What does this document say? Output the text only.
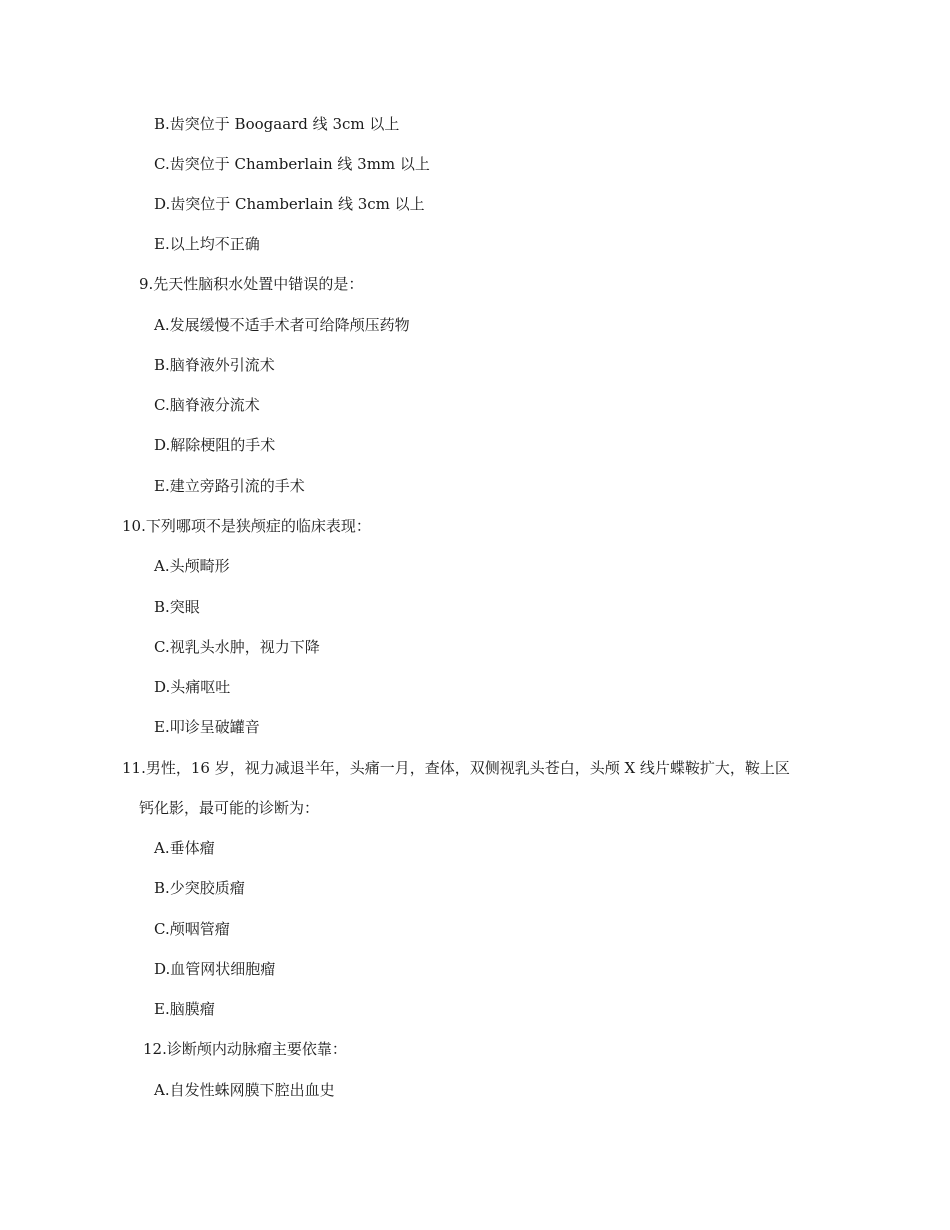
B.齿突位于 Boogaard 线 3cm 以上
C.齿突位于 Chamberlain 线 3mm 以上
D.齿突位于 Chamberlain 线 3cm 以上
E.以上均不正确
9.先天性脑积水处置中错误的是：
A.发展缓慢不适手术者可给降颅压药物
B.脑脊液外引流术
C.脑脊液分流术
D.解除梗阻的手术
E.建立旁路引流的手术
10.下列哪项不是狭颅症的临床表现：
A.头颅畸形
B.突眼
C.视乳头水肿，视力下降
D.头痛呕吐
E.叩诊呈破罐音
11.男性，16 岁，视力减退半年，头痛一月，查体，双侧视乳头苍白，头颅 X 线片蝶鞍扩大，鞍上区
钙化影，最可能的诊断为：
A.垂体瘤
B.少突胶质瘤
C.颅咽管瘤
D.血管网状细胞瘤
E.脑膜瘤
12.诊断颅内动脉瘤主要依靠：
A.自发性蛛网膜下腔出血史
